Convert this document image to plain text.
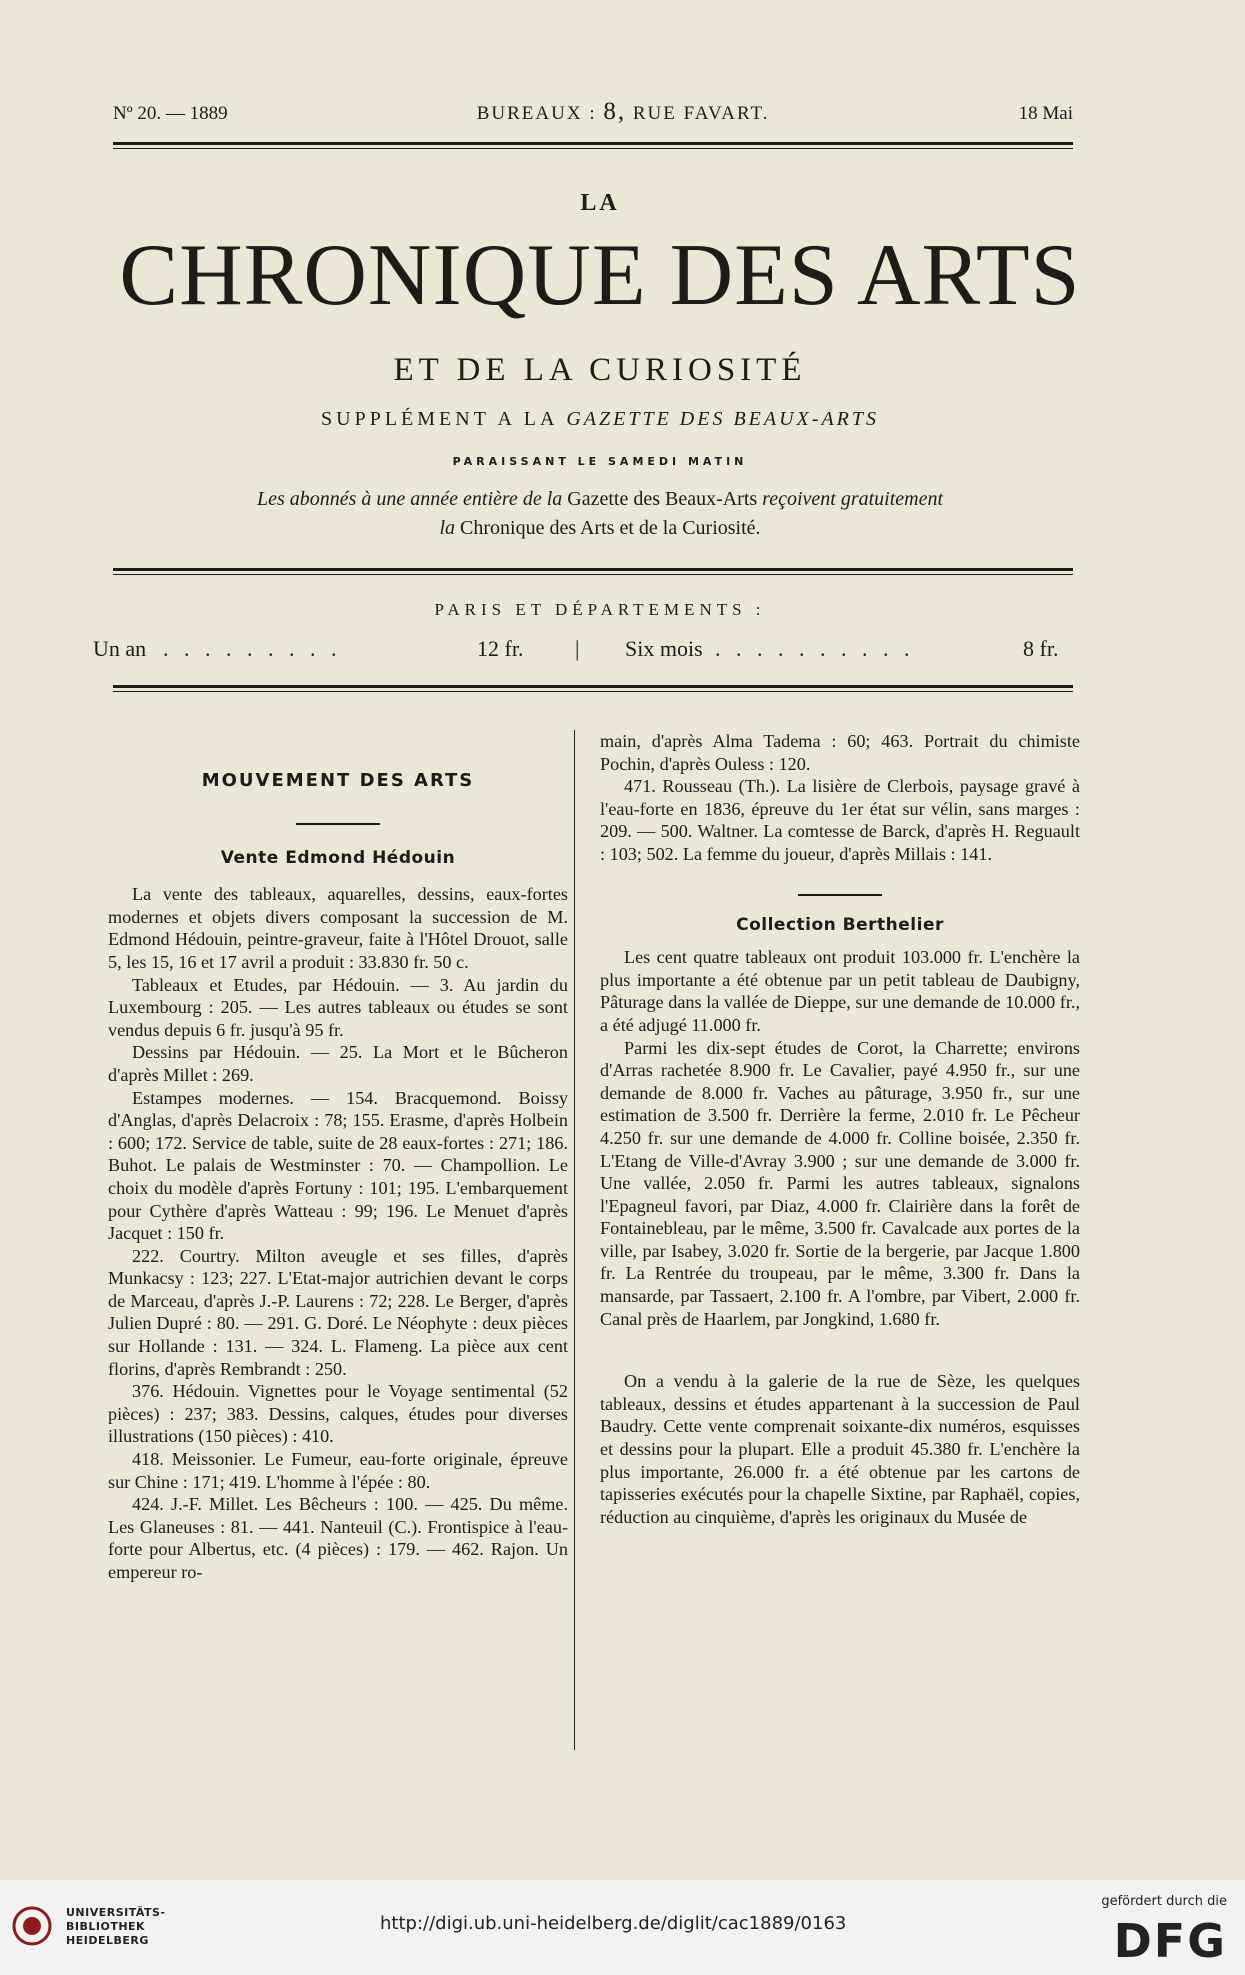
Nº 20. — 1889	BUREAUX : 8, RUE FAVART.	18 Mai
LA
CHRONIQUE DES ARTS
ET DE LA CURIOSITÉ
SUPPLÉMENT A LA GAZETTE DES BEAUX-ARTS
PARAISSANT LE SAMEDI MATIN
Les abonnés à une année entière de la Gazette des Beaux-Arts reçoivent gratuitement
la Chronique des Arts et de la Curiosité.
PARIS ET DÉPARTEMENTS :
Un an . . . . . . . . .	12 fr. | Six mois . . . . . . . . . .	8 fr.
MOUVEMENT DES ARTS
Vente Edmond Hédouin

La vente des tableaux, aquarelles, dessins, eaux-fortes modernes et objets divers composant la succession de M. Edmond Hédouin, peintre-graveur, faite à l'Hôtel Drouot, salle 5, les 15, 16 et 17 avril a produit : 33.830 fr. 50 c.

Tableaux et Etudes, par Hédouin. — 3. Au jardin du Luxembourg : 205. — Les autres tableaux ou études se sont vendus depuis 6 fr. jusqu'à 95 fr.

Dessins par Hédouin. — 25. La Mort et le Bûcheron d'après Millet : 269.

Estampes modernes. — 154. Bracquemond. Boissy d'Anglas, d'après Delacroix : 78; 155. Erasme, d'après Holbein : 600; 172. Service de table, suite de 28 eaux-fortes : 271; 186. Buhot. Le palais de Westminster : 70. — Champollion. Le choix du modèle d'après Fortuny : 101; 195. L'embarquement pour Cythère d'après Watteau : 99; 196. Le Menuet d'après Jacquet : 150 fr.

222. Courtry. Milton aveugle et ses filles, d'après Munkacsy : 123; 227. L'Etat-major autrichien devant le corps de Marceau, d'après J.-P. Laurens : 72; 228. Le Berger, d'après Julien Dupré : 80. — 291. G. Doré. Le Néophyte : deux pièces sur Hollande : 131. — 324. L. Flameng. La pièce aux cent florins, d'après Rembrandt : 250.

376. Hédouin. Vignettes pour le Voyage sentimental (52 pièces) : 237; 383. Dessins, calques, études pour diverses illustrations (150 pièces) : 410.

418. Meissonier. Le Fumeur, eau-forte originale, épreuve sur Chine : 171; 419. L'homme à l'épée : 80.

424. J.-F. Millet. Les Bêcheurs : 100. — 425. Du même. Les Glaneuses : 81. — 441. Nanteuil (C.). Frontispice à l'eau-forte pour Albertus, etc. (4 pièces) : 179. — 462. Rajon. Un empereur ro-

main, d'après Alma Tadema : 60; 463. Portrait du chimiste Pochin, d'après Ouless : 120.

471. Rousseau (Th.). La lisière de Clerbois, paysage gravé à l'eau-forte en 1836, épreuve du 1er état sur vélin, sans marges : 209. — 500. Waltner. La comtesse de Barck, d'après H. Reguault : 103; 502. La femme du joueur, d'après Millais : 141.

Collection Berthelier

Les cent quatre tableaux ont produit 103.000 fr. L'enchère la plus importante a été obtenue par un petit tableau de Daubigny, Pâturage dans la vallée de Dieppe, sur une demande de 10.000 fr., a été adjugé 11.000 fr.

Parmi les dix-sept études de Corot, la Charrette; environs d'Arras rachetée 8.900 fr. Le Cavalier, payé 4.950 fr., sur une demande de 8.000 fr. Vaches au pâturage, 3.950 fr., sur une estimation de 3.500 fr. Derrière la ferme, 2.010 fr. Le Pêcheur 4.250 fr. sur une demande de 4.000 fr. Colline boisée, 2.350 fr. L'Etang de Ville-d'Avray 3.900 ; sur une demande de 3.000 fr. Une vallée, 2.050 fr. Parmi les autres tableaux, signalons l'Epagneul favori, par Diaz, 4.000 fr. Clairière dans la forêt de Fontainebleau, par le même, 3.500 fr. Cavalcade aux portes de la ville, par Isabey, 3.020 fr. Sortie de la bergerie, par Jacque 1.800 fr. La Rentrée du troupeau, par le même, 3.300 fr. Dans la mansarde, par Tassaert, 2.100 fr. A l'ombre, par Vibert, 2.000 fr. Canal près de Haarlem, par Jongkind, 1.680 fr.

On a vendu à la galerie de la rue de Sèze, les quelques tableaux, dessins et études appartenant à la succession de Paul Baudry. Cette vente comprenait soixante-dix numéros, esquisses et dessins pour la plupart. Elle a produit 45.380 fr. L'enchère la plus importante, 26.000 fr. a été obtenue par les cartons de tapisseries exécutés pour la chapelle Sixtine, par Raphaël, copies, réduction au cinquième, d'après les originaux du Musée de

UNIVERSITÄTS-
BIBLIOTHEK
HEIDELBERG
http://digi.ub.uni-heidelberg.de/diglit/cac1889/0163
gefördert durch die
DFG
